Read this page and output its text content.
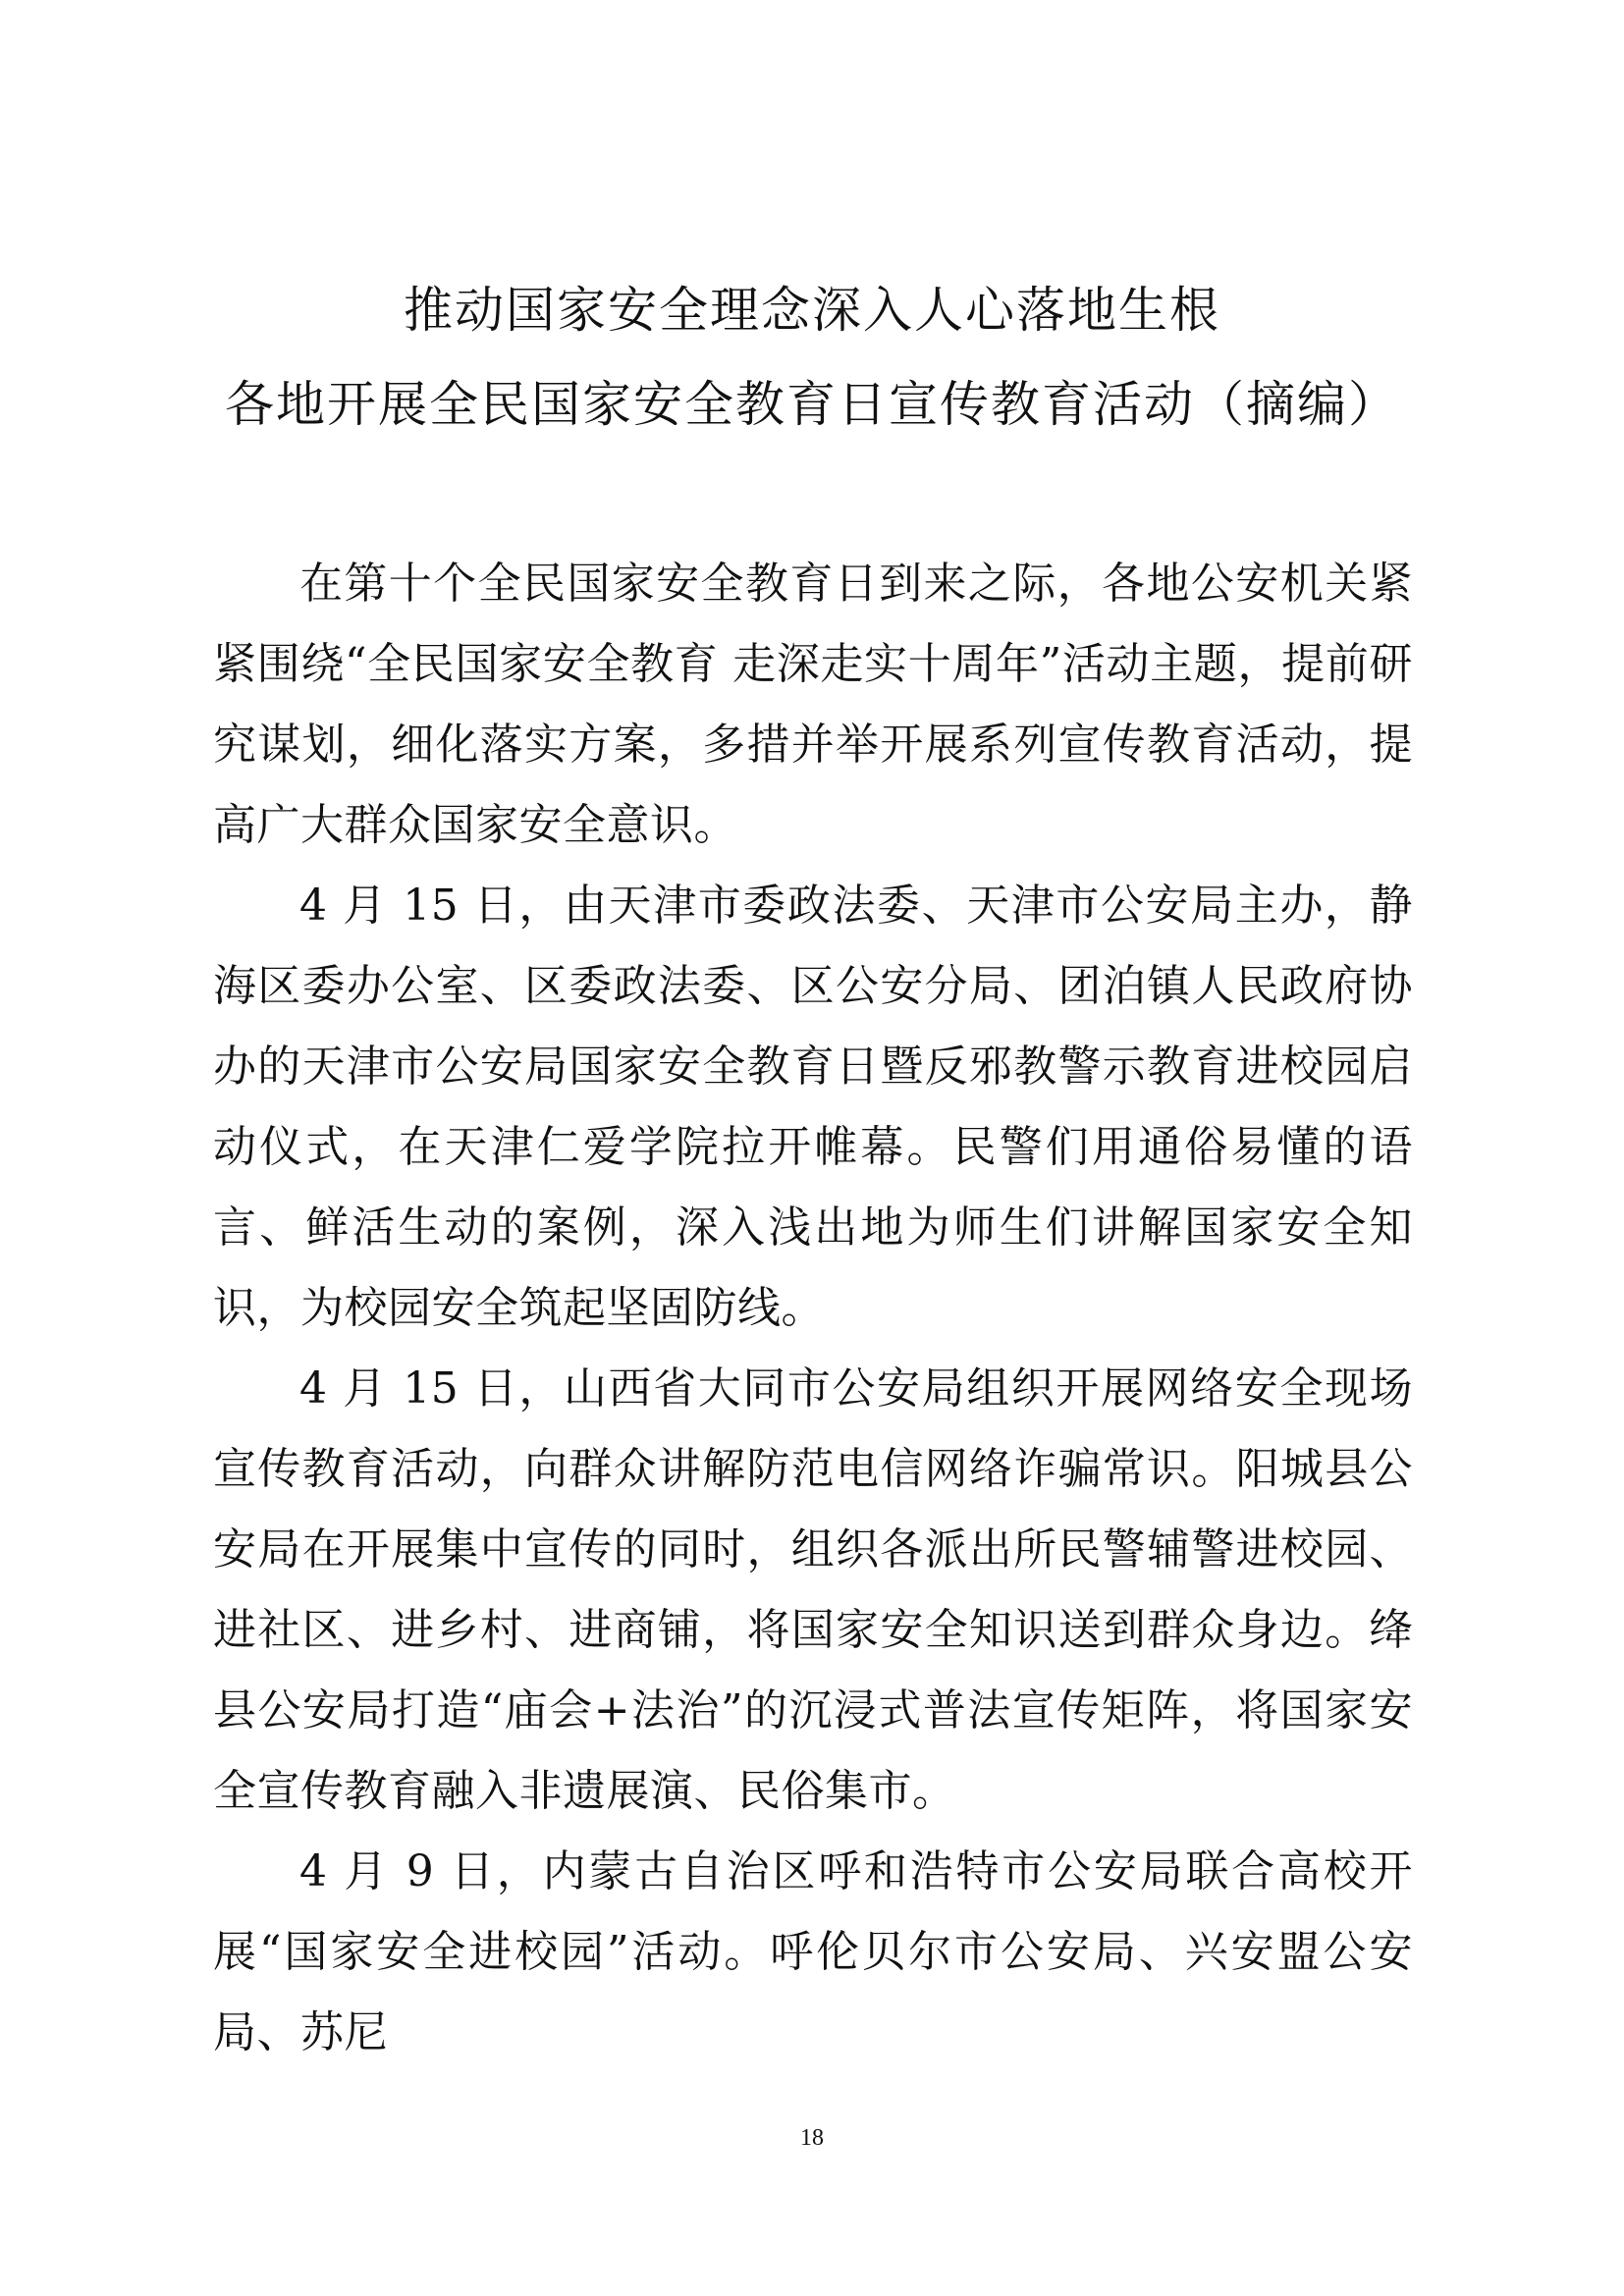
推动国家安全理念深入人心落地生根
各地开展全民国家安全教育日宣传教育活动（摘编）

在第十个全民国家安全教育日到来之际，各地公安机关紧紧围绕“全民国家安全教育 走深走实十周年”活动主题，提前研究谋划，细化落实方案，多措并举开展系列宣传教育活动，提高广大群众国家安全意识。

4 月 15 日，由天津市委政法委、天津市公安局主办，静海区委办公室、区委政法委、区公安分局、团泊镇人民政府协办的天津市公安局国家安全教育日暨反邪教警示教育进校园启动仪式，在天津仁爱学院拉开帷幕。民警们用通俗易懂的语言、鲜活生动的案例，深入浅出地为师生们讲解国家安全知识，为校园安全筑起坚固防线。

4 月 15 日，山西省大同市公安局组织开展网络安全现场宣传教育活动，向群众讲解防范电信网络诈骗常识。阳城县公安局在开展集中宣传的同时，组织各派出所民警辅警进校园、进社区、进乡村、进商铺，将国家安全知识送到群众身边。绛县公安局打造“庙会+法治”的沉浸式普法宣传矩阵，将国家安全宣传教育融入非遗展演、民俗集市。

4 月 9 日，内蒙古自治区呼和浩特市公安局联合高校开展“国家安全进校园”活动。呼伦贝尔市公安局、兴安盟公安局、苏尼

18
